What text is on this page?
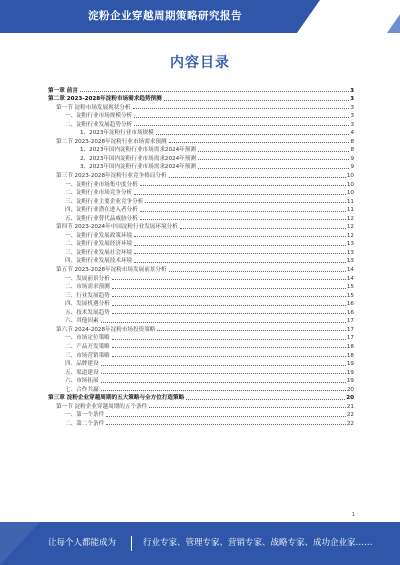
淀粉企业穿越周期策略研究报告
内容目录
第一章 前言	3
第二章 2023-2028年淀粉市场需求趋势预测	3
第一节 淀粉市场发展现状分析	3
一、淀粉行业市场规模分析	3
二、淀粉行业发展趋势分析	3
1、2023年淀粉行业市场规模	4
第二节 2023-2028年淀粉行业市场需求预测	8
1、2023年国内淀粉行业市场需求2024年预测	8
2、2023年国内淀粉行业市场需求2024年预测	9
3、2023年国内淀粉行业市场需求2024年预测	9
第三节 2023-2028年淀粉行业竞争格局分析	10
一、淀粉行业市场集中度分析	10
二、淀粉行业市场竞争分析	10
三、淀粉行业主要企业竞争分析	11
四、淀粉行业潜在进入者分析	11
五、淀粉行业替代品威胁分析	12
第四节 2023-2024年中国淀粉行业发展环境分析	12
一、淀粉行业发展政策环境	12
二、淀粉行业发展经济环境	13
三、淀粉行业发展社会环境	13
四、淀粉行业发展技术环境	13
第五节 2023-2028年淀粉市场发展前景分析	14
一、发展前景分析	14
二、市场需求预测	15
三、行业发展趋势	15
四、发展机遇分析	16
五、技术发展趋势	16
六、其他因素	17
第六节 2024-2028年淀粉市场投资策略	17
一、市场定位策略	17
二、产品开发策略	18
三、市场营销策略	18
四、品牌建设	19
五、渠道建设	19
六、市场拓展	19
七、合作共赢	20
第三章 淀粉企业穿越周期的五大策略与全方位打造策略	20
第一节 淀粉企业穿越周期的五个条件	21
一、第一个条件	22
二、第二个条件	22
1
让每个人都能成为	行业专家、管理专家、营销专家、战略专家、成功企业家……
